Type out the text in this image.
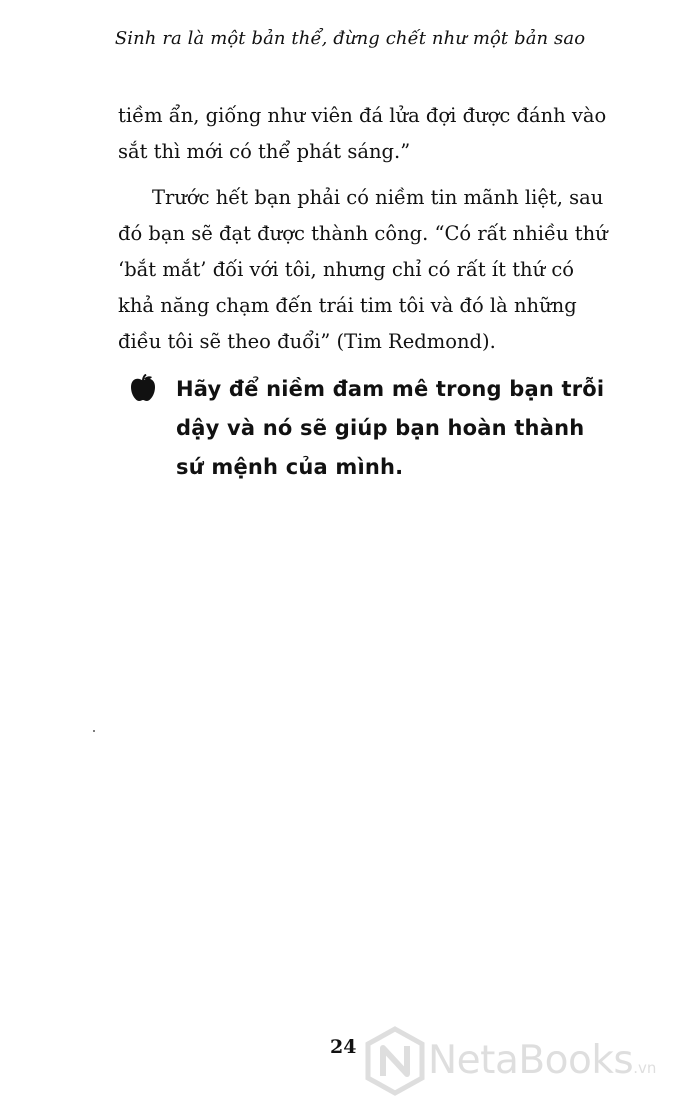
Sinh ra là một bản thể, đừng chết như một bản sao

tiềm ẩn, giống như viên đá lửa đợi được đánh vào sắt thì mới có thể phát sáng.”

Trước hết bạn phải có niềm tin mãnh liệt, sau đó bạn sẽ đạt được thành công. “Có rất nhiều thứ ‘bắt mắt’ đối với tôi, nhưng chỉ có rất ít thứ có khả năng chạm đến trái tim tôi và đó là những điều tôi sẽ theo đuổi” (Tim Redmond).

Hãy để niềm đam mê trong bạn trỗi dậy và nó sẽ giúp bạn hoàn thành sứ mệnh của mình.
24 NetaBooks.vn
